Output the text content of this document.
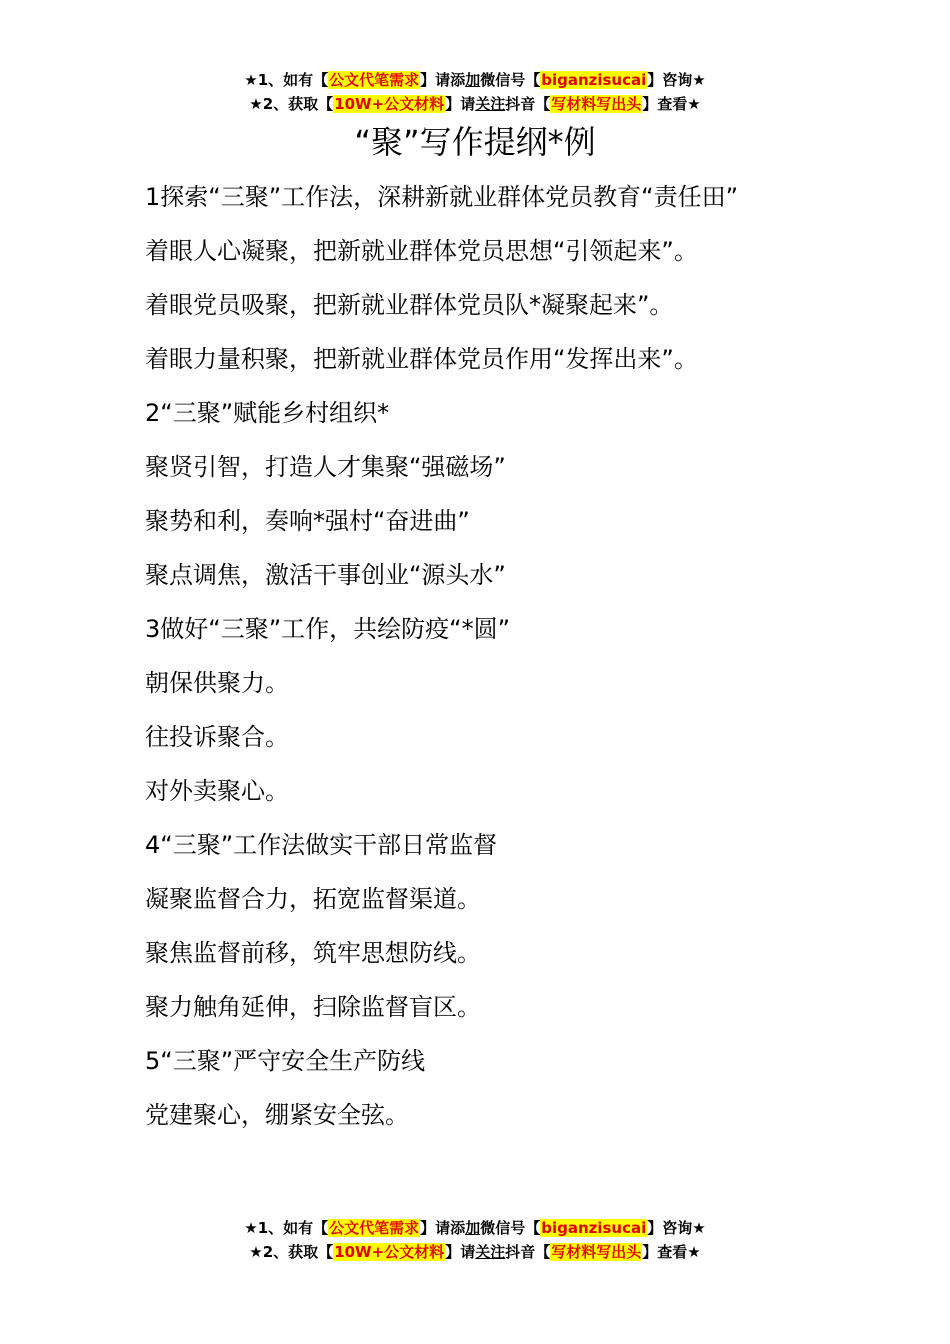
★1、如有【公文代笔需求】请添加微信号【biganzisucai】咨询★
★2、获取【10W+公文材料】请关注抖音【写材料写出头】查看★
“聚”写作提纲*例
1探索“三聚”工作法，深耕新就业群体党员教育“责任田”
着眼人心凝聚，把新就业群体党员思想“引领起来”。
着眼党员吸聚，把新就业群体党员队*凝聚起来”。
着眼力量积聚，把新就业群体党员作用“发挥出来”。
2“三聚”赋能乡村组织*
聚贤引智，打造人才集聚“强磁场”
聚势和利，奏响*强村“奋进曲”
聚点调焦，激活干事创业“源头水”
3做好“三聚”工作，共绘防疫“*圆”
朝保供聚力。
往投诉聚合。
对外卖聚心。
4“三聚”工作法做实干部日常监督
凝聚监督合力，拓宽监督渠道。
聚焦监督前移，筑牢思想防线。
聚力触角延伸，扫除监督盲区。
5“三聚”严守安全生产防线
党建聚心，绷紧安全弦。
★1、如有【公文代笔需求】请添加微信号【biganzisucai】咨询★
★2、获取【10W+公文材料】请关注抖音【写材料写出头】查看★
